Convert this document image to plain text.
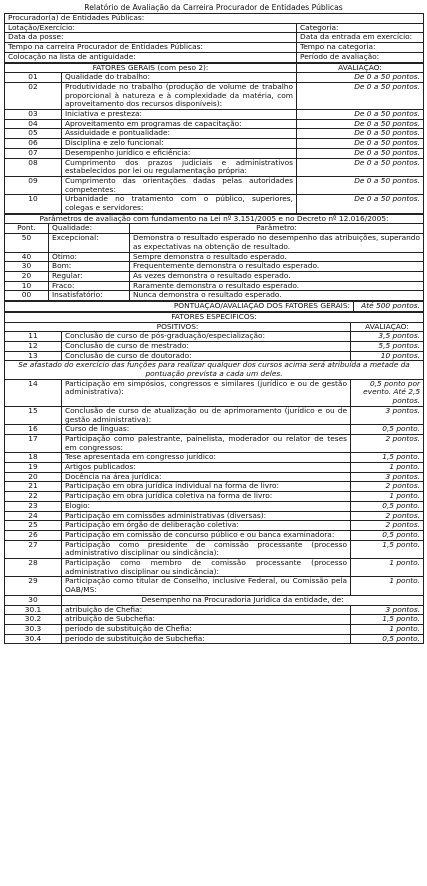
Relatório de Avaliação da Carreira Procurador de Entidades Públicas
Procurador(a) de Entidades Públicas:	
Lotação/Exercício:	Categoria:
Data da posse:	Data da entrada em exercício:
Tempo na carreira Procurador de Entidades Públicas:	Tempo na categoria:
Colocação na lista de antiguidade:	Período de avaliação:
FATORES GERAIS (com peso 2):		AVALIAÇÃO:
01	Qualidade do trabalho:	De 0 a 50 pontos.
02	Produtividade no trabalho (produção de volume de trabalho proporcional à natureza e à complexidade da matéria, com aproveitamento dos recursos disponíveis):	De 0 a 50 pontos.
03	Iniciativa e presteza:	De 0 a 50 pontos.
04	Aproveitamento em programas de capacitação:	De 0 a 50 pontos.
05	Assiduidade e pontualidade:	De 0 a 50 pontos.
06	Disciplina e zelo funcional:	De 0 a 50 pontos.
07	Desempenho jurídico e eficiência:	De 0 a 50 pontos.
08	Cumprimento dos prazos judiciais e administrativos estabelecidos por lei ou regulamentação própria:	De 0 a 50 pontos.
09	Cumprimento das orientações dadas pelas autoridades competentes:	De 0 a 50 pontos.
10	Urbanidade no tratamento com o público, superiores, colegas e servidores:	De 0 a 50 pontos.
Parâmetros de avaliação com fundamento na Lei nº 3.151/2005 e no Decreto nº 12.016/2005:		
Pont.	Qualidade:	Parâmetro:
50	Excepcional:	Demonstra o resultado esperado no desempenho das atribuições, superando as expectativas na obtenção de resultado.
40	Ótimo:	Sempre demonstra o resultado esperado.
30	Bom:	Frequentemente demonstra o resultado esperado.
20	Regular:	Às vezes demonstra o resultado esperado.
10	Fraco:	Raramente demonstra o resultado esperado.
00	Insatisfatório:	Nunca demonstra o resultado esperado.
PONTUAÇÃO/AVALIAÇÃO DOS FATORES GERAIS:	Até 500 pontos.
FATORES ESPECÍFICOS:		
POSITIVOS:		AVALIAÇÃO:
11	Conclusão de curso de pós-graduação/especialização:	3,5 pontos.
12	Conclusão de curso de mestrado:	5,5 pontos.
13	Conclusão de curso de doutorado:	10 pontos.
Se afastado do exercício das funções para realizar qualquer dos cursos acima será atribuída a metade da pontuação prevista a cada um deles.		
14	Participação em simpósios, congressos e similares (jurídico e ou de gestão administrativa):	0,5 ponto por evento. Até 2,5 pontos.
15	Conclusão de curso de atualização ou de aprimoramento (jurídico e ou de gestão administrativa):	3 pontos.
16	Curso de línguas:	0,5 ponto.
17	Participação como palestrante, painelista, moderador ou relator de teses em congressos:	2 pontos.
18	Tese apresentada em congresso jurídico:	1,5 ponto.
19	Artigos publicados:	1 ponto.
20	Docência na área jurídica:	3 pontos.
21	Participação em obra jurídica individual na forma de livro:	2 pontos.
22	Participação em obra jurídica coletiva na forma de livro:	1 ponto.
23	Elogio:	0,5 ponto.
24	Participação em comissões administrativas (diversas):	2 pontos.
25	Participação em órgão de deliberação coletiva:	2 pontos.
26	Participação em comissão de concurso público e ou banca examinadora:	0,5 ponto.
27	Participação como presidente de comissão processante (processo administrativo disciplinar ou sindicância):	1,5 ponto.
28	Participação como membro de comissão processante (processo administrativo disciplinar ou sindicância):	1 ponto.
29	Participação como titular de Conselho, inclusive Federal, ou Comissão pela OAB/MS:	1 ponto.
30	Desempenho na Procuradoria Jurídica da entidade, de:	
30.1	atribuição de Chefia:	3 pontos.
30.2	atribuição de Subchefia:	1,5 ponto.
30.3	período de substituição de Chefia:	1 ponto.
30.4	período de substituição de Subchefia:	0,5 ponto.
